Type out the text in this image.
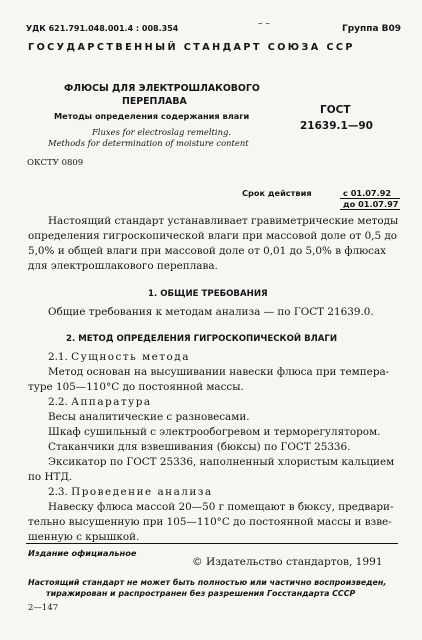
УДК 621.791.048.001.4 : 008.354	– –	Группа В09
ГОСУДАРСТВЕННЫЙ СТАНДАРТ СОЮЗА ССР
ФЛЮСЫ ДЛЯ ЭЛЕКТРОШЛАКОВОГО
ПЕРЕПЛАВА
Методы определения содержания влаги
Fluxes for electroslag remelting.
Methods for determination of moisture content
ГОСТ
21639.1—90
ОКСТУ 0809
Срок действия	с 01.07.92
до 01.07.97
Настоящий стандарт устанавливает гравиметрические методы
определения гигроскопической влаги при массовой доле от 0,5 до
5,0% и общей влаги при массовой доле от 0,01 до 5,0% в флюсах
для электрошлакового переплава.
1. ОБЩИЕ ТРЕБОВАНИЯ
Общие требования к методам анализа — по ГОСТ 21639.0.
2. МЕТОД ОПРЕДЕЛЕНИЯ ГИГРОСКОПИЧЕСКОЙ ВЛАГИ
2.1. Сущность метода
Метод основан на высушивании навески флюса при темпера-
туре 105—110°С до постоянной массы.
2.2. Аппаратура
Весы аналитические с разновесами.
Шкаф сушильный с электрообогревом и терморегулятором.
Стаканчики для взвешивания (бюксы) по ГОСТ 25336.
Эксикатор по ГОСТ 25336, наполненный хлористым кальцием
по НТД.
2.3. Проведение анализа
Навеску флюса массой 20—50 г помещают в бюксу, предвари-
тельно высушенную при 105—110°С до постоянной массы и взве-
шенную с крышкой.
Издание официальное
© Издательство стандартов, 1991
Настоящий стандарт не может быть полностью или частично воспроизведен,
тиражирован и распространен без разрешения Госстандарта СССР
2—147
